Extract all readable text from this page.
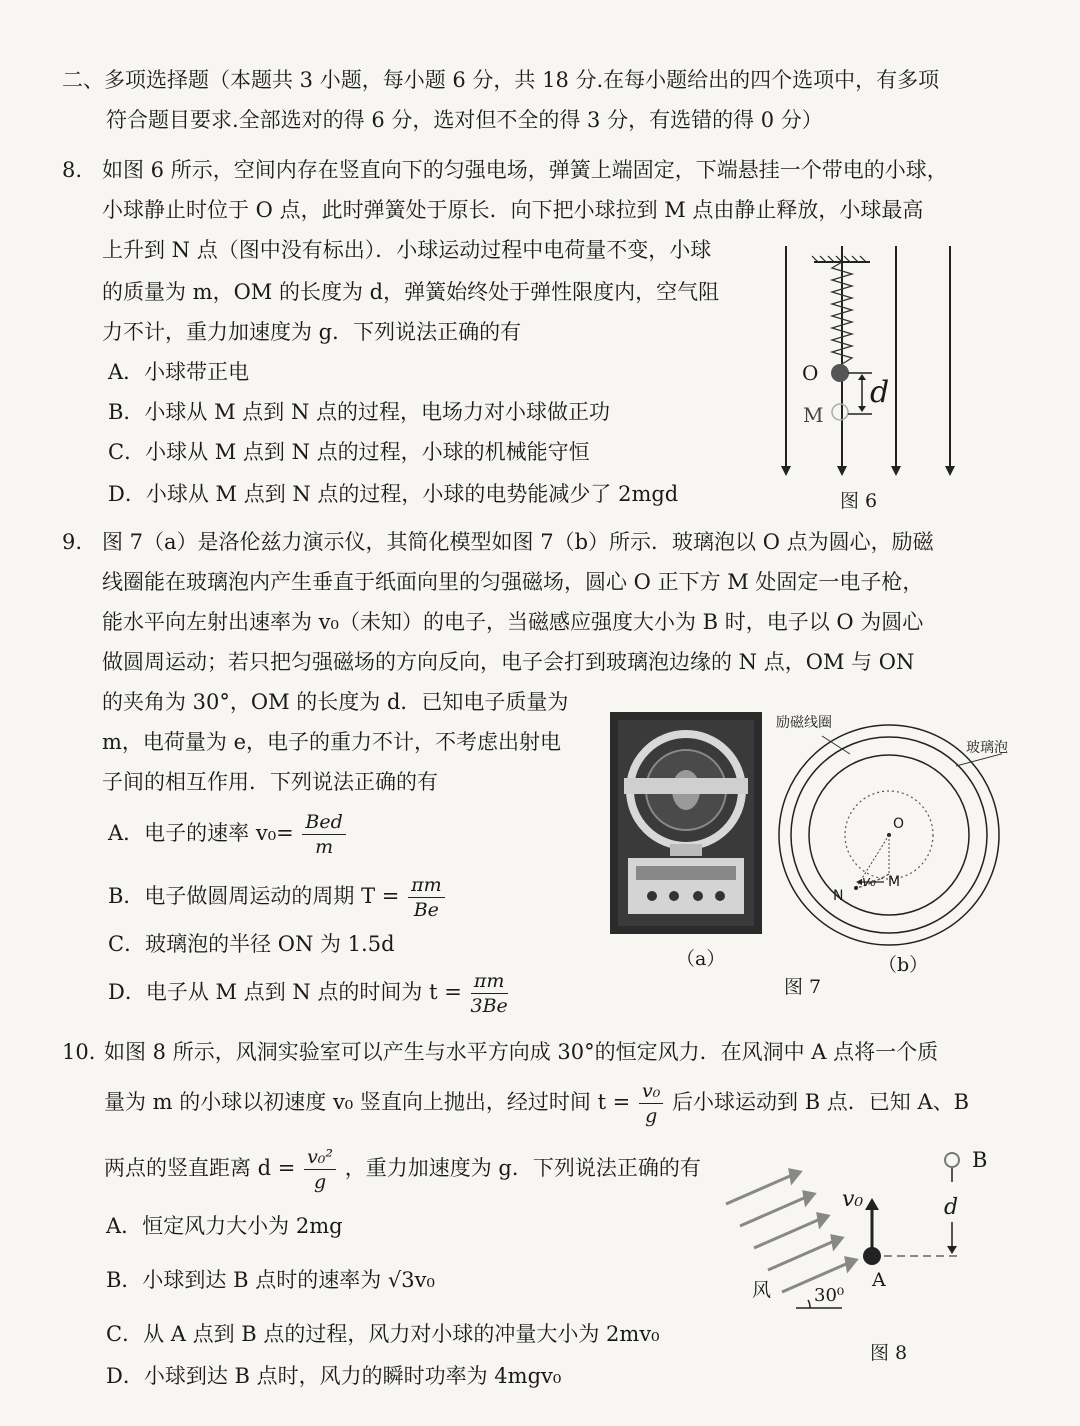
二、多项选择题（本题共 3 小题，每小题 6 分，共 18 分.在每小题给出的四个选项中，有多项
符合题目要求.全部选对的得 6 分，选对但不全的得 3 分，有选错的得 0 分）
8. 如图 6 所示，空间内存在竖直向下的匀强电场，弹簧上端固定，下端悬挂一个带电的小球，
小球静止时位于 O 点，此时弹簧处于原长．向下把小球拉到 M 点由静止释放，小球最高
上升到 N 点（图中没有标出）．小球运动过程中电荷量不变，小球
的质量为 m，OM 的长度为 d，弹簧始终处于弹性限度内，空气阻
力不计，重力加速度为 g．下列说法正确的有
A．小球带正电
B．小球从 M 点到 N 点的过程，电场力对小球做正功
C．小球从 M 点到 N 点的过程，小球的机械能守恒
D．小球从 M 点到 N 点的过程，小球的电势能减少了 2mgd
O
M
d
图 6
9. 图 7（a）是洛伦兹力演示仪，其简化模型如图 7（b）所示．玻璃泡以 O 点为圆心，励磁
线圈能在玻璃泡内产生垂直于纸面向里的匀强磁场，圆心 O 正下方 M 处固定一电子枪，
能水平向左射出速率为 v₀（未知）的电子，当磁感应强度大小为 B 时，电子以 O 为圆心
做圆周运动；若只把匀强磁场的方向反向，电子会打到玻璃泡边缘的 N 点，OM 与 ON
的夹角为 30°，OM 的长度为 d．已知电子质量为
m，电荷量为 e，电子的重力不计，不考虑出射电
子间的相互作用．下列说法正确的有
A．电子的速率 $v_0= \frac{\text{Bed}}{m}$
B．电子做圆周运动的周期 $T = \frac{\pi m}{Be}$
C．玻璃泡的半径 ON 为 1.5d
D．电子从 M 点到 N 点的时间为 $t = \frac{\pi m}{3Be}$
（a）
励磁线圈
玻璃泡
O
M
N
v₀
（b）
图 7
10. 如图 8 所示，风洞实验室可以产生与水平方向成 30°的恒定风力．在风洞中 A 点将一个质
量为 m 的小球以初速度 v₀ 竖直向上抛出，经过时间 $t = \frac{\text{v₀}}{g}$ 后小球运动到 B 点．已知 A、B
两点的竖直距离 $d = \frac{\text{v₀²}}{g}$ ，重力加速度为 g．下列说法正确的有
A．恒定风力大小为 2mg
B．小球到达 B 点时的速率为 √3v₀
C．从 A 点到 B 点的过程，风力对小球的冲量大小为 2mv₀
D．小球到达 B 点时，风力的瞬时功率为 4mgv₀
B
d
v₀
A
风 30⁰
图 8
